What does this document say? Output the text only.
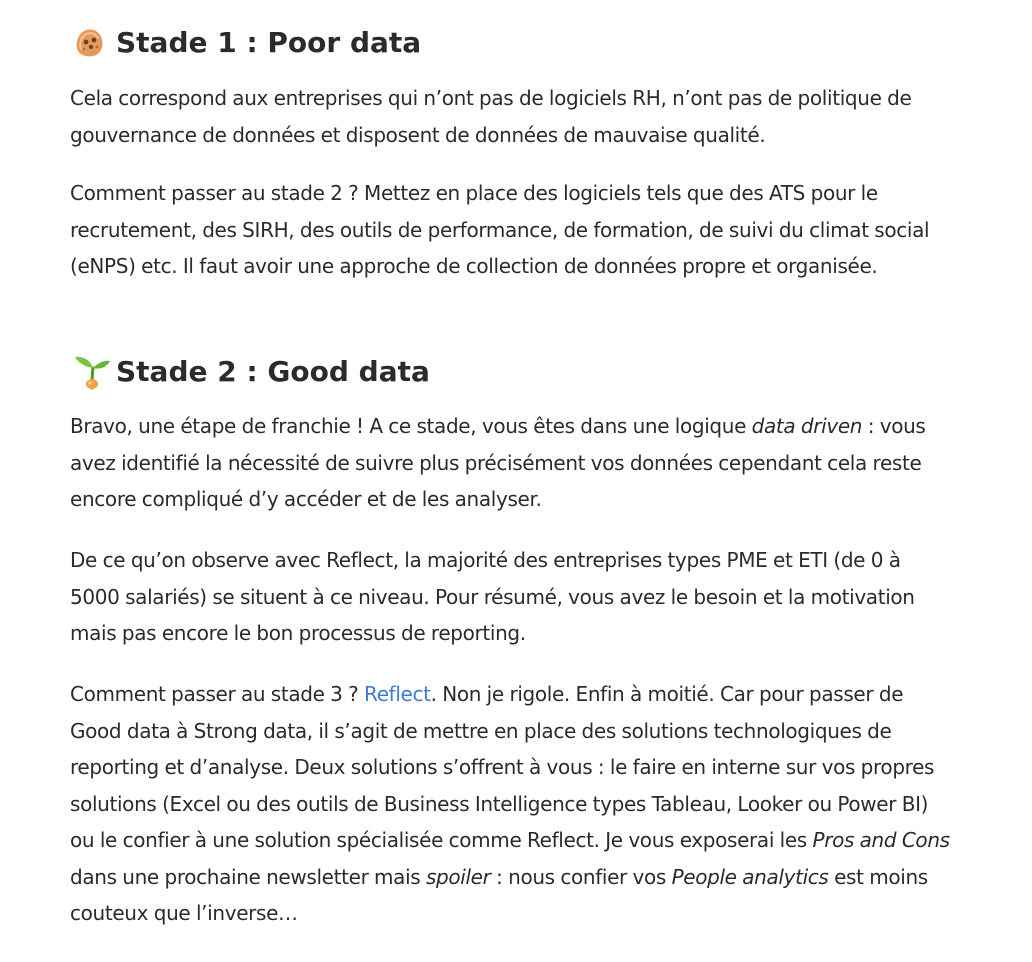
Stade 1 : Poor data

Cela correspond aux entreprises qui n’ont pas de logiciels RH, n’ont pas de politique de gouvernance de données et disposent de données de mauvaise qualité.

Comment passer au stade 2 ? Mettez en place des logiciels tels que des ATS pour le recrutement, des SIRH, des outils de performance, de formation, de suivi du climat social (eNPS) etc. Il faut avoir une approche de collection de données propre et organisée.

Stade 2 : Good data

Bravo, une étape de franchie ! A ce stade, vous êtes dans une logique data driven : vous avez identifié la nécessité de suivre plus précisément vos données cependant cela reste encore compliqué d’y accéder et de les analyser.

De ce qu’on observe avec Reflect, la majorité des entreprises types PME et ETI (de 0 à 5000 salariés) se situent à ce niveau. Pour résumé, vous avez le besoin et la motivation mais pas encore le bon processus de reporting.

Comment passer au stade 3 ? Reflect. Non je rigole. Enfin à moitié. Car pour passer de Good data à Strong data, il s’agit de mettre en place des solutions technologiques de reporting et d’analyse. Deux solutions s’offrent à vous : le faire en interne sur vos propres solutions (Excel ou des outils de Business Intelligence types Tableau, Looker ou Power BI) ou le confier à une solution spécialisée comme Reflect. Je vous exposerai les Pros and Cons dans une prochaine newsletter mais spoiler : nous confier vos People analytics est moins couteux que l’inverse…
